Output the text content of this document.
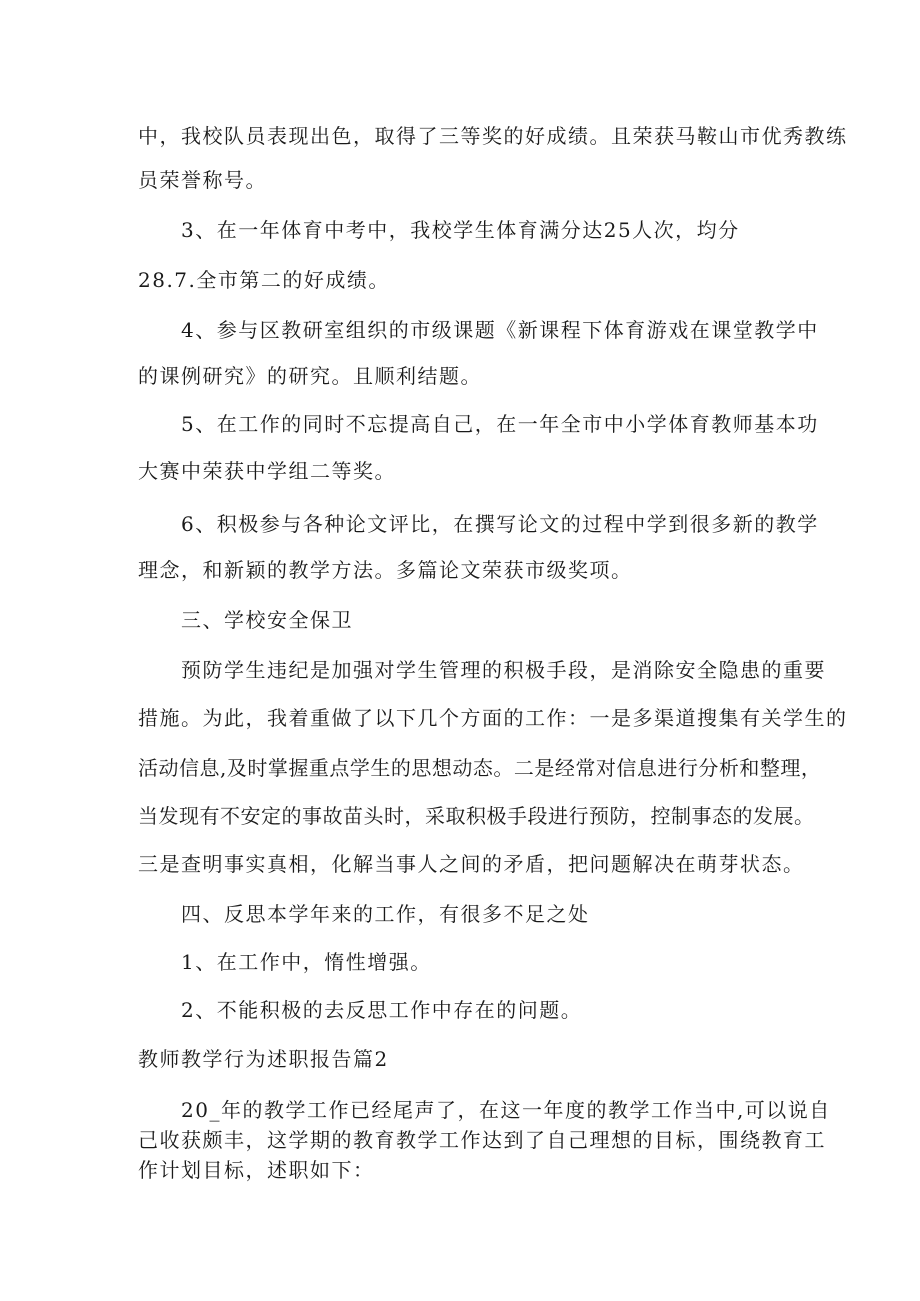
中，我校队员表现出色，取得了三等奖的好成绩。且荣获马鞍山市优秀教练

员荣誉称号。

3、在一年体育中考中，我校学生体育满分达25人次，均分

28.7.全市第二的好成绩。

4、参与区教研室组织的市级课题《新课程下体育游戏在课堂教学中

的课例研究》的研究。且顺利结题。

5、在工作的同时不忘提高自己，在一年全市中小学体育教师基本功

大赛中荣获中学组二等奖。

6、积极参与各种论文评比，在撰写论文的过程中学到很多新的教学

理念，和新颖的教学方法。多篇论文荣获市级奖项。

三、学校安全保卫

预防学生违纪是加强对学生管理的积极手段，是消除安全隐患的重要

措施。为此，我着重做了以下几个方面的工作：一是多渠道搜集有关学生的

活动信息,及时掌握重点学生的思想动态。二是经常对信息进行分析和整理，

当发现有不安定的事故苗头时，采取积极手段进行预防，控制事态的发展。

三是查明事实真相，化解当事人之间的矛盾，把问题解决在萌芽状态。

四、反思本学年来的工作，有很多不足之处

1、在工作中，惰性增强。

2、不能积极的去反思工作中存在的问题。

教师教学行为述职报告篇2

20_年的教学工作已经尾声了，在这一年度的教学工作当中,可以说自

己收获颇丰，这学期的教育教学工作达到了自己理想的目标，围绕教育工

作计划目标，述职如下：
